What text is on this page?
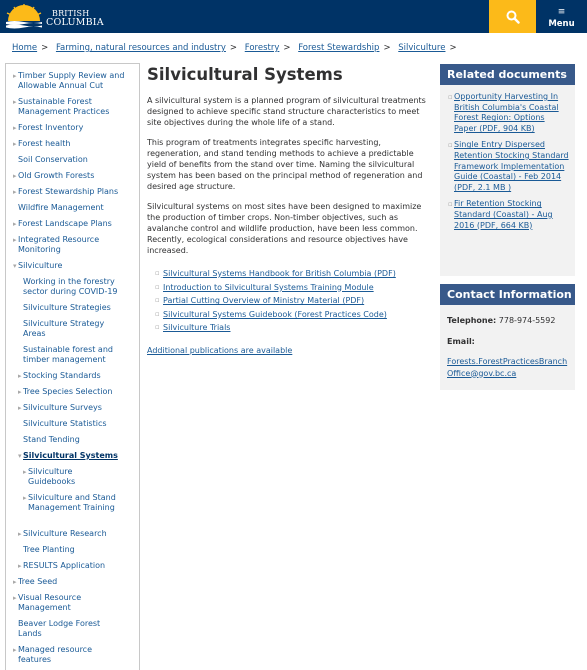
BRITISH
COLUMBIA
≡
Menu
Home > Farming, natural resources and industry > Forestry > Forest Stewardship > Silviculture >
▸ Timber Supply Review and Allowable Annual Cut
▸ Sustainable Forest Management Practices
▸ Forest Inventory
▸ Forest health
Soil Conservation
▸ Old Growth Forests
▸ Forest Stewardship Plans
Wildfire Management
▸ Forest Landscape Plans
▸ Integrated Resource Monitoring
▾ Silviculture
Working in the forestry sector during COVID-19
Silviculture Strategies
Silviculture Strategy Areas
Sustainable forest and timber management
▸ Stocking Standards
▸ Tree Species Selection
▸ Silviculture Surveys
Silviculture Statistics
Stand Tending
▾ Silvicultural Systems
▸ Silviculture Guidebooks
▸ Silviculture and Stand Management Training
▸ Silviculture Research
Tree Planting
▸ RESULTS Application
▸ Tree Seed
▸ Visual Resource Management
Beaver Lodge Forest Lands
▸ Managed resource features
Silvicultural Systems

A silvicultural system is a planned program of silvicultural treatments designed to achieve specific stand structure characteristics to meet site objectives during the whole life of a stand.

This program of treatments integrates specific harvesting, regeneration, and stand tending methods to achieve a predictable yield of benefits from the stand over time. Naming the silvicultural system has been based on the principal method of regeneration and desired age structure.

Silvicultural systems on most sites have been designed to maximize the production of timber crops. Non-timber objectives, such as avalanche control and wildlife production, have been less common. Recently, ecological considerations and resource objectives have increased.

▫ Silvicultural Systems Handbook for British Columbia (PDF)
▫ Introduction to Silvicultural Systems Training Module
▫ Partial Cutting Overview of Ministry Material (PDF)
▫ Silvicultural Systems Guidebook (Forest Practices Code)
▫ Silviculture Trials

Additional publications are available

Related documents
▫ Opportunity Harvesting In British Columbia's Coastal Forest Region: Options Paper (PDF, 904 KB)
▫ Single Entry Dispersed Retention Stocking Standard Framework Implementation Guide (Coastal) - Feb 2014 (PDF, 2.1 MB )
▫ Fir Retention Stocking Standard (Coastal) - Aug 2016 (PDF, 664 KB)
Contact Information
Telephone: 778-974-5592
Email:
Forests.ForestPracticesBranchOffice@gov.bc.ca
